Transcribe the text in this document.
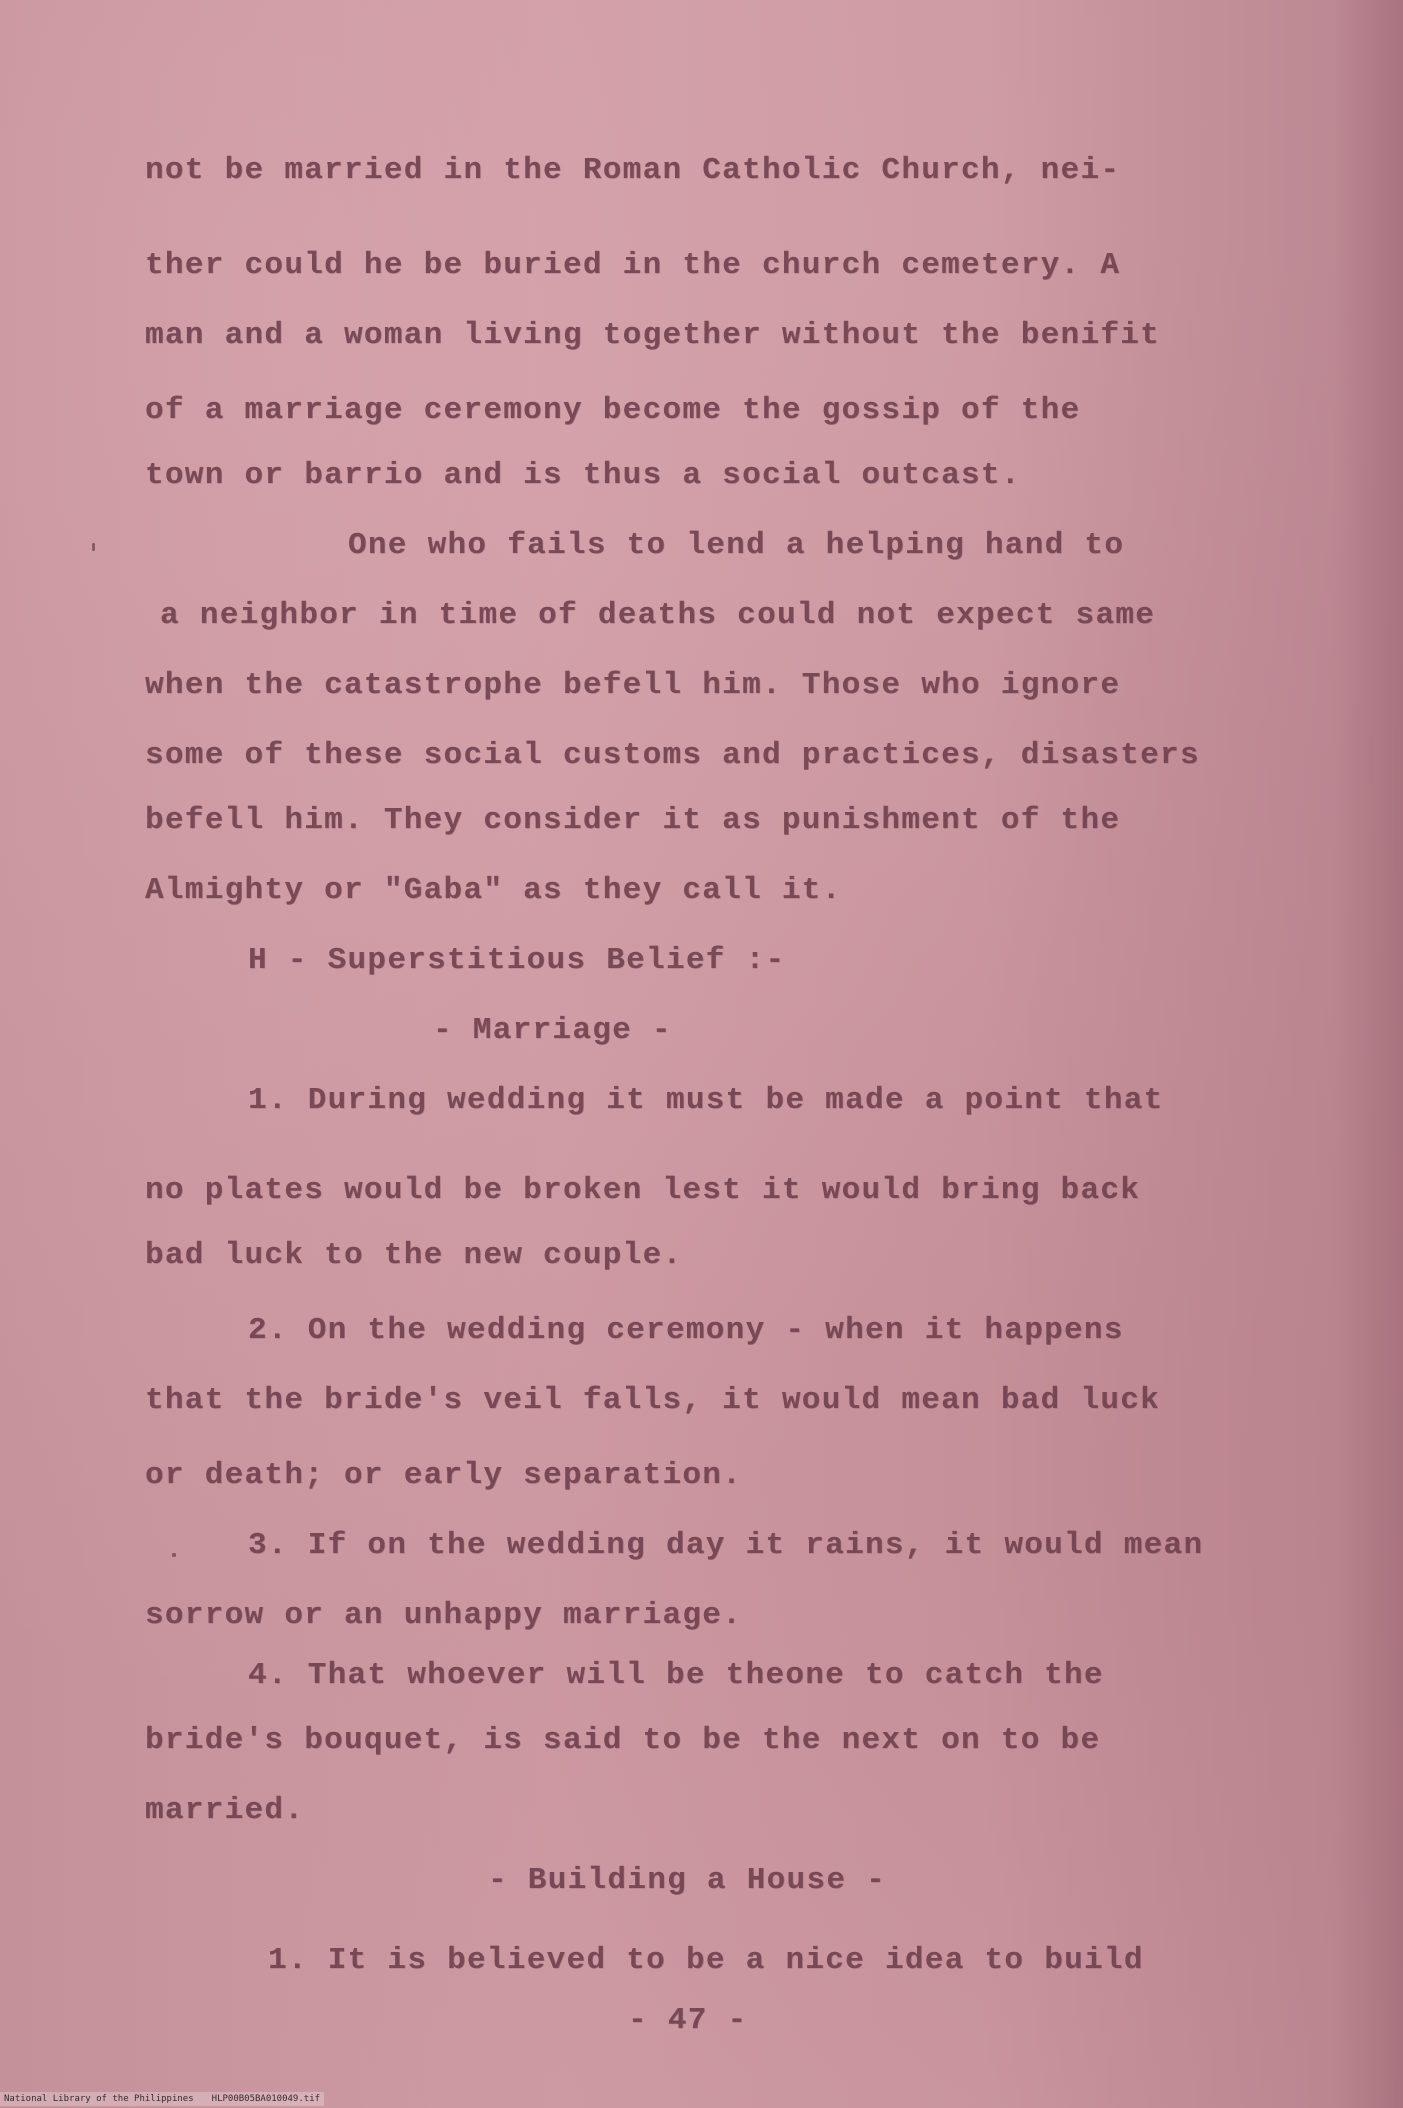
not be married in the Roman Catholic Church, nei-

ther could he be buried in the church cemetery. A

man and a woman living together without the benifit

of a marriage ceremony become the gossip of the

town or barrio and is thus a social outcast.

One who fails to lend a helping hand to

a neighbor in time of deaths could not expect same

when the catastrophe befell him. Those who ignore

some of these social customs and practices, disasters

befell him. They consider it as punishment of the

Almighty or "Gaba" as they call it.

H - Superstitious Belief :-

- Marriage -

1. During wedding it must be made a point that

no plates would be broken lest it would bring back

bad luck to the new couple.

2. On the wedding ceremony - when it happens

that the bride's veil falls, it would mean bad luck

or death; or early separation.

3. If on the wedding day it rains, it would mean

sorrow or an unhappy marriage.

4. That whoever will be theone to catch the

bride's bouquet, is said to be the next on to be

married.

- Building a House -

1. It is believed to be a nice idea to build

- 47 -

National Library of the Philippines HLP00B05BA010049.tif
